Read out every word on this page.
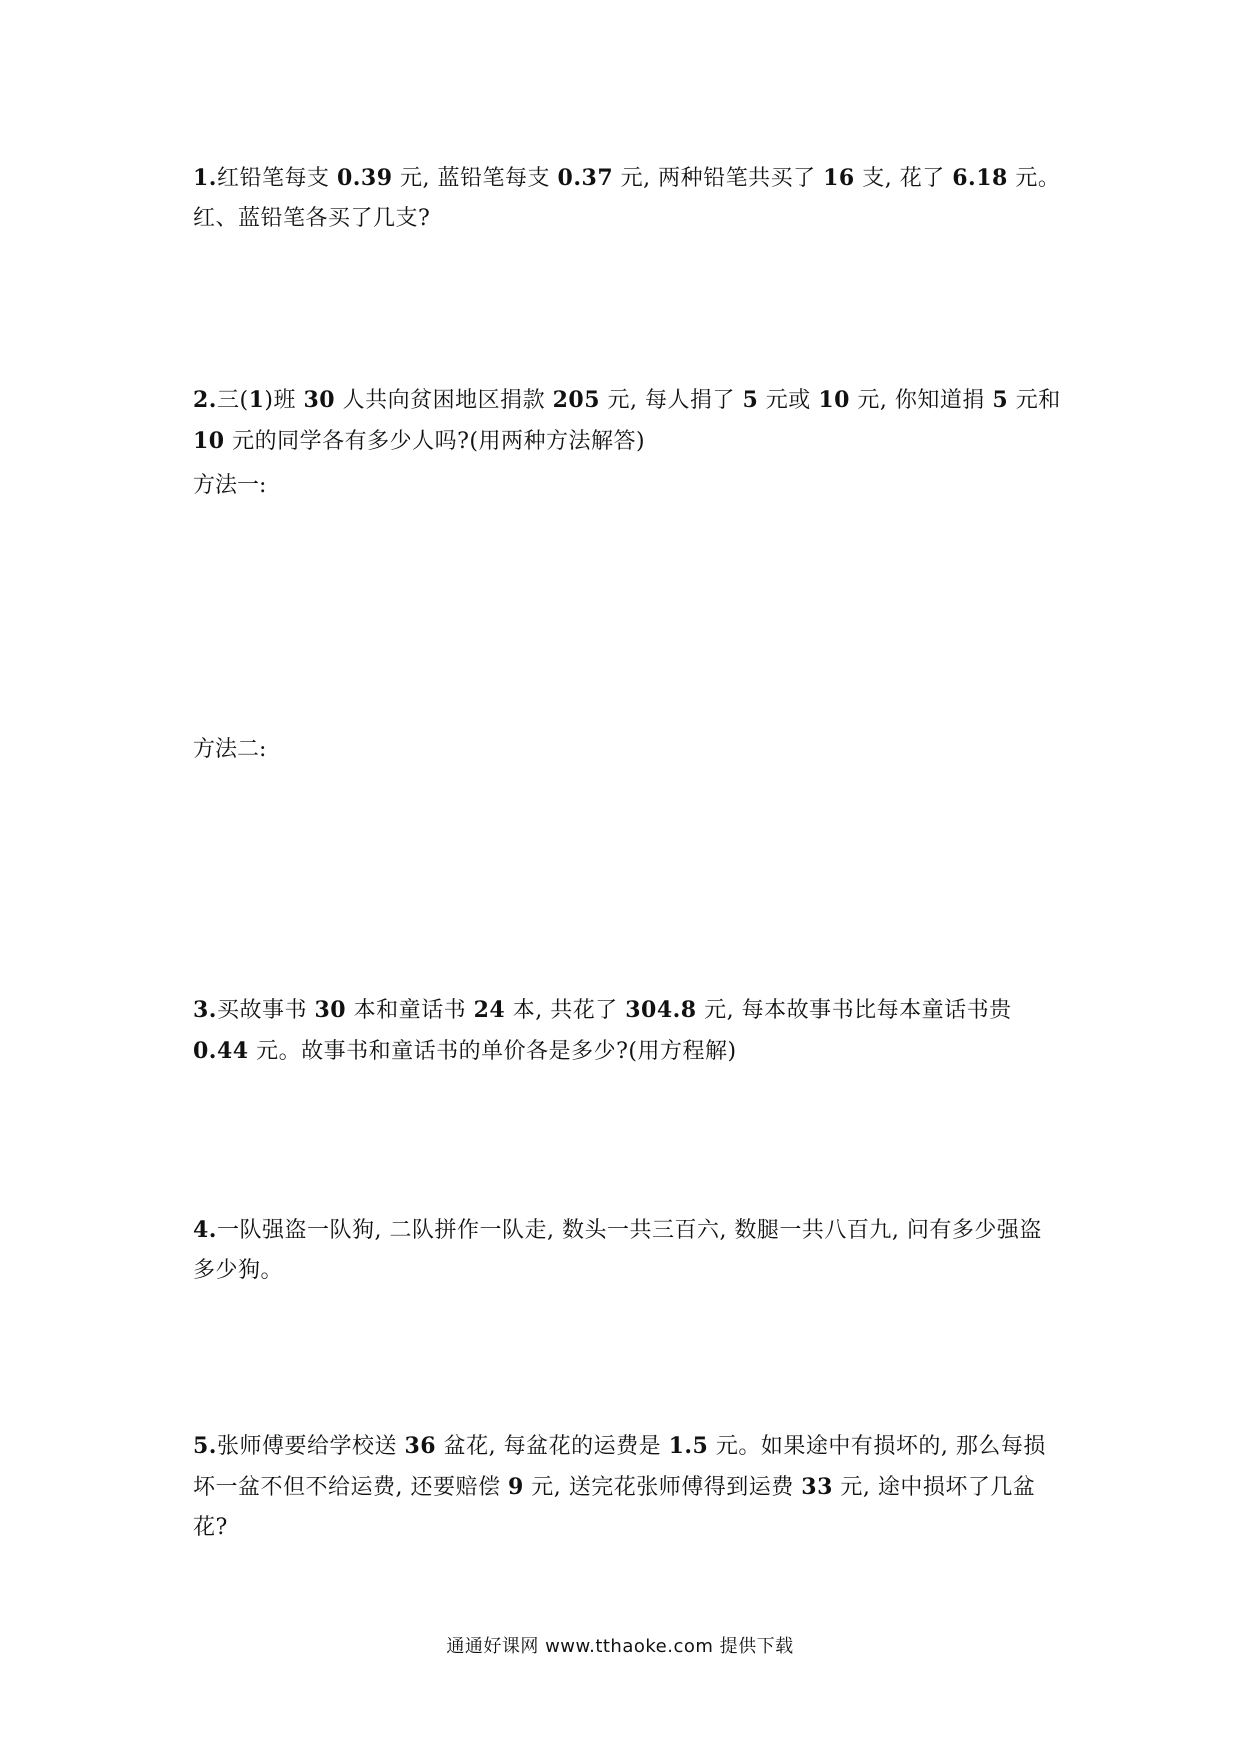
1.红铅笔每支 0.39 元, 蓝铅笔每支 0.37 元, 两种铅笔共买了 16 支, 花了 6.18 元。红、蓝铅笔各买了几支?
2.三(1)班 30 人共向贫困地区捐款 205 元, 每人捐了 5 元或 10 元, 你知道捐 5 元和 10 元的同学各有多少人吗?(用两种方法解答)
方法一:
方法二:
3.买故事书 30 本和童话书 24 本, 共花了 304.8 元, 每本故事书比每本童话书贵 0.44 元。故事书和童话书的单价各是多少?(用方程解)
4.一队强盗一队狗, 二队拼作一队走, 数头一共三百六, 数腿一共八百九, 问有多少强盗多少狗。
5.张师傅要给学校送 36 盆花, 每盆花的运费是 1.5 元。如果途中有损坏的, 那么每损坏一盆不但不给运费, 还要赔偿 9 元, 送完花张师傅得到运费 33 元, 途中损坏了几盆花?
通通好课网 www.tthaoke.com 提供下载
